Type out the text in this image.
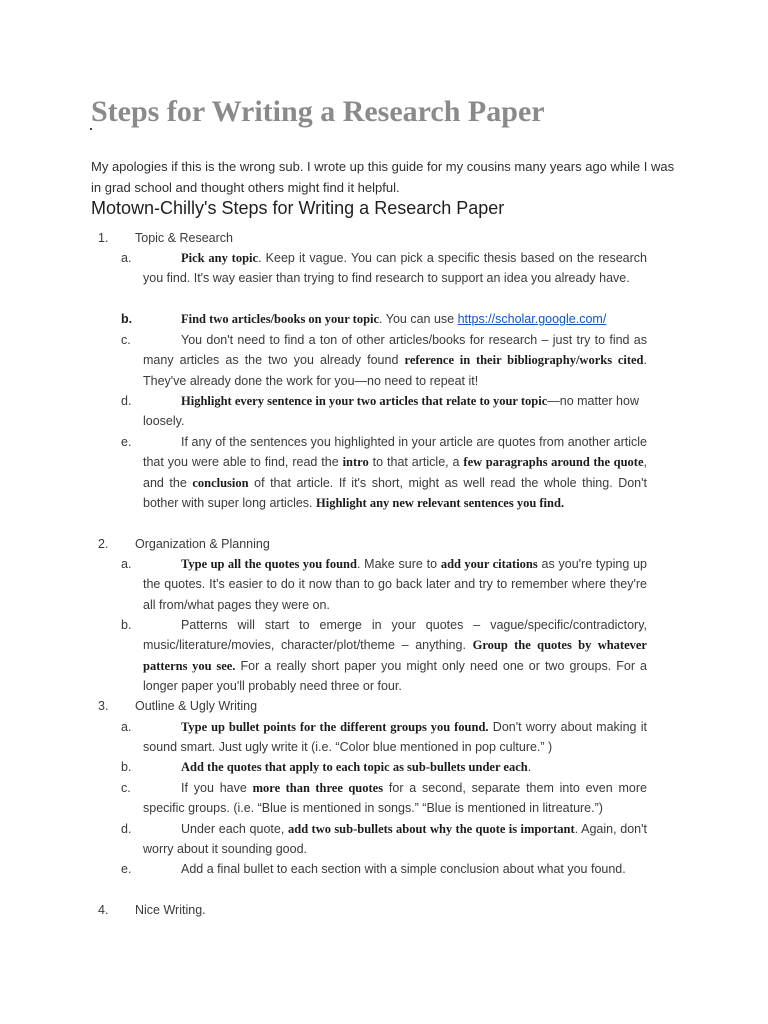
Steps for Writing a Research Paper

My apologies if this is the wrong sub. I wrote up this guide for my cousins many years ago while I was in grad school and thought others might find it helpful.

Motown-Chilly's Steps for Writing a Research Paper
1. Topic & Research
a.	Pick any topic. Keep it vague. You can pick a specific thesis based on the research you find. It's way easier than trying to find research to support an idea you already have.

b.	Find two articles/books on your topic. You can use https://scholar.google.com/

c.	You don't need to find a ton of other articles/books for research – just try to find as many articles as the two you already found reference in their bibliography/works cited. They've already done the work for you—no need to repeat it!

d.	Highlight every sentence in your two articles that relate to your topic—no matter how loosely.

e.	If any of the sentences you highlighted in your article are quotes from another article that you were able to find, read the intro to that article, a few paragraphs around the quote, and the conclusion of that article. If it's short, might as well read the whole thing. Don't bother with super long articles. Highlight any new relevant sentences you find.

2. Organization & Planning
a.	Type up all the quotes you found. Make sure to add your citations as you're typing up the quotes. It's easier to do it now than to go back later and try to remember where they're all from/what pages they were on.

b.	Patterns will start to emerge in your quotes – vague/specific/contradictory, music/literature/movies, character/plot/theme – anything. Group the quotes by whatever patterns you see. For a really short paper you might only need one or two groups. For a longer paper you'll probably need three or four.

3. Outline & Ugly Writing
a.	Type up bullet points for the different groups you found. Don't worry about making it sound smart. Just ugly write it (i.e. “Color blue mentioned in pop culture.” )

b.	Add the quotes that apply to each topic as sub-bullets under each.

c.	If you have more than three quotes for a second, separate them into even more specific groups. (i.e. “Blue is mentioned in songs.” “Blue is mentioned in litreature.”)

d.	Under each quote, add two sub-bullets about why the quote is important. Again, don't worry about it sounding good.

e.	Add a final bullet to each section with a simple conclusion about what you found.

4. Nice Writing.
